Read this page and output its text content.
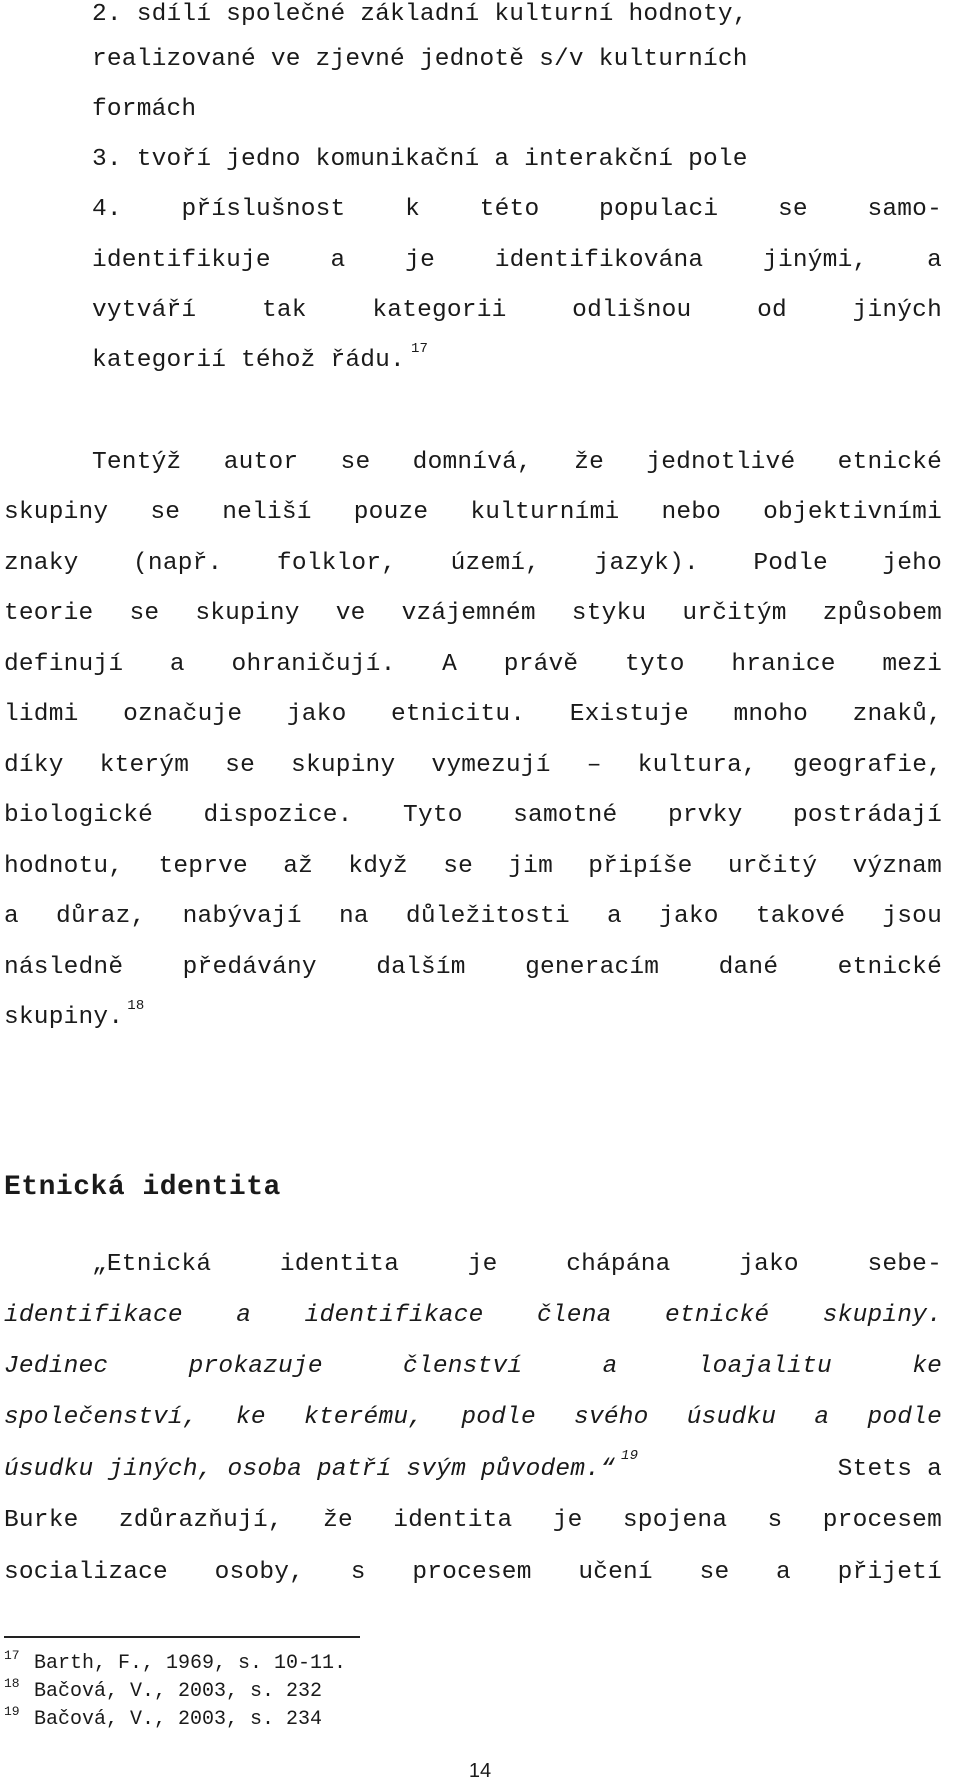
2. sdílí společné základní kulturní hodnoty,
realizované ve zjevné jednotě s/v kulturních
formách
3. tvoří jedno komunikační a interakční pole
4. příslušnost k této populaci se samo-
identifikuje a je identifikována jinými, a
vytváří tak kategorii odlišnou od jiných
kategorií téhož řádu. $^{17}$
Tentýž autor se domnívá, že jednotlivé etnické
skupiny se neliší pouze kulturními nebo objektivními
znaky (např. folklor, území, jazyk). Podle jeho
teorie se skupiny ve vzájemném styku určitým způsobem
definují a ohraničují. A právě tyto hranice mezi
lidmi označuje jako etnicitu. Existuje mnoho znaků,
díky kterým se skupiny vymezují – kultura, geografie,
biologické dispozice. Tyto samotné prvky postrádají
hodnotu, teprve až když se jim připíše určitý význam
a důraz, nabývají na důležitosti a jako takové jsou
následně předávány dalším generacím dané etnické
skupiny. $^{18}$
Etnická identita
„Etnická identita je chápána jako sebe-
identifikace a identifikace člena etnické skupiny.
Jedinec prokazuje členství a loajalitu ke
společenství, ke kterému, podle svého úsudku a podle
úsudku jiných, osoba patří svým původem.“ 19	Stets a
Burke zdůrazňují, že identita je spojena s procesem
socializace osoby, s procesem učení se a přijetí
17 Barth, F., 1969, s. 10-11.
18 Bačová, V., 2003, s. 232
19 Bačová, V., 2003, s. 234
14
